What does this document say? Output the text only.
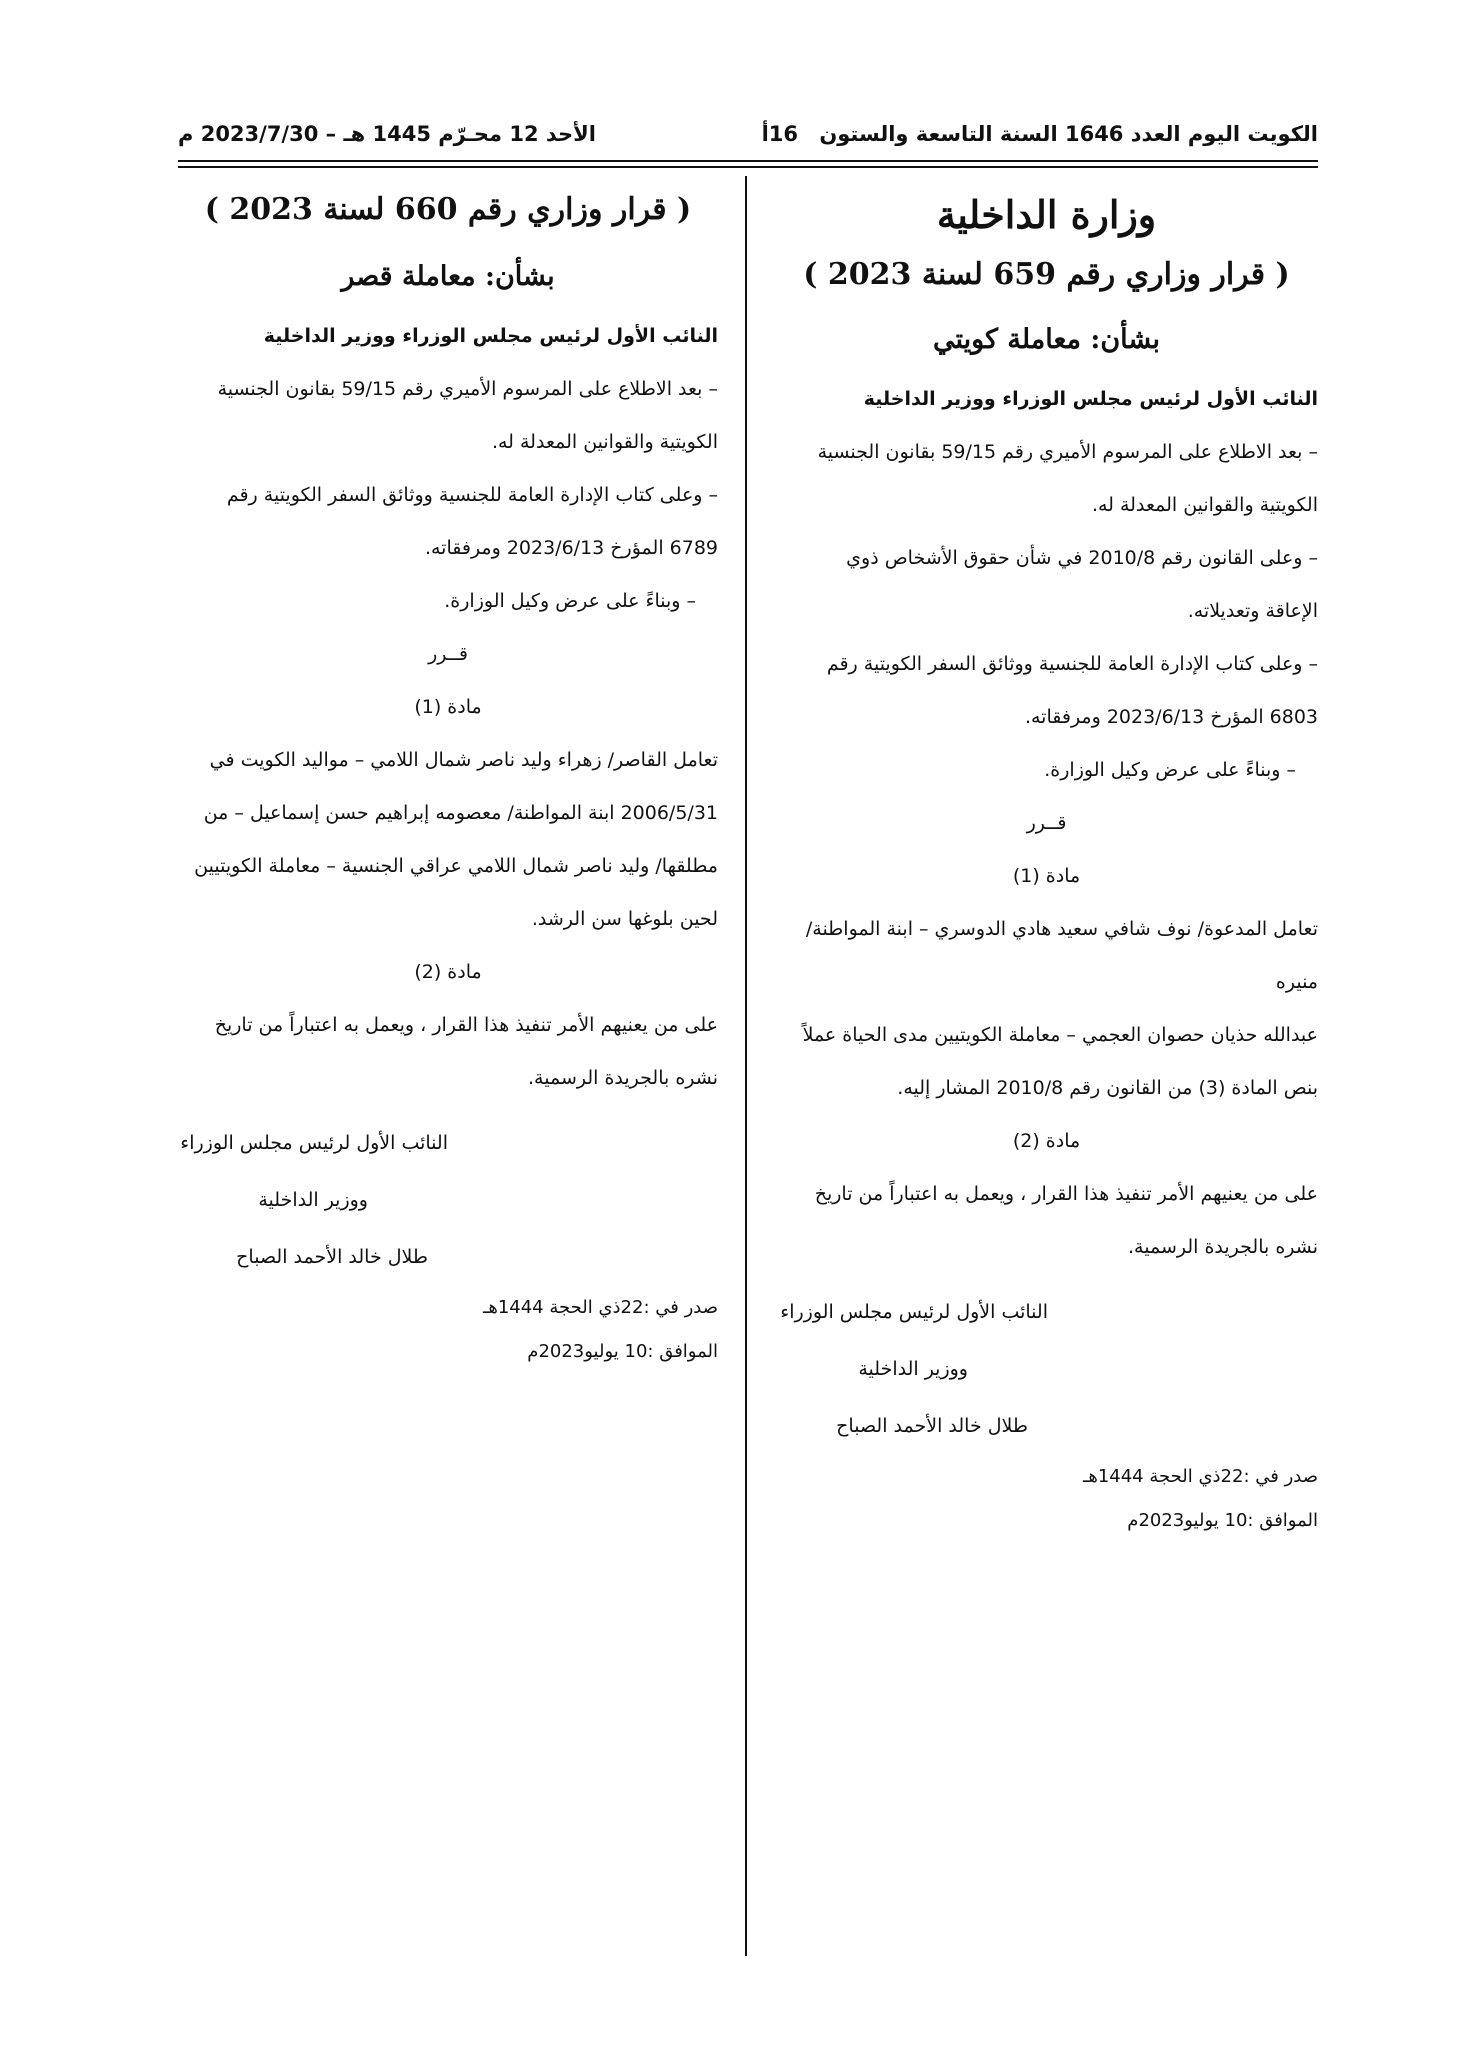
الكويت اليوم العدد 1646 السنة التاسعة والستون
16أ
الأحد 12 محـرّم 1445 هـ – 2023/7/30 م
وزارة الداخلية
( قرار وزاري رقم 659 لسنة 2023 )
بشأن: معاملة كويتي

النائب الأول لرئيس مجلس الوزراء ووزير الداخلية

– بعد الاطلاع على المرسوم الأميري رقم 59/15 بقانون الجنسية

الكويتية والقوانين المعدلة له.

– وعلى القانون رقم 2010/8 في شأن حقوق الأشخاص ذوي

الإعاقة وتعديلاته.

– وعلى كتاب الإدارة العامة للجنسية ووثائق السفر الكويتية رقم

6803 المؤرخ 2023/6/13 ومرفقاته.

– وبناءً على عرض وكيل الوزارة.

قــرر

مادة (1)

تعامل المدعوة/ نوف شافي سعيد هادي الدوسري – ابنة المواطنة/ منيره

عبدالله حذيان حصوان العجمي – معاملة الكويتيين مدى الحياة عملاً

بنص المادة (3) من القانون رقم 2010/8 المشار إليه.

مادة (2)

على من يعنيهم الأمر تنفيذ هذا القرار ، ويعمل به اعتباراً من تاريخ

نشره بالجريدة الرسمية.

النائب الأول لرئيس مجلس الوزراء

ووزير الداخلية

طلال خالد الأحمد الصباح

صدر في :22ذي الحجة 1444هـ

الموافق :10 يوليو2023م

( قرار وزاري رقم 660 لسنة 2023 )
بشأن: معاملة قصر

النائب الأول لرئيس مجلس الوزراء ووزير الداخلية

– بعد الاطلاع على المرسوم الأميري رقم 59/15 بقانون الجنسية

الكويتية والقوانين المعدلة له.

– وعلى كتاب الإدارة العامة للجنسية ووثائق السفر الكويتية رقم

6789 المؤرخ 2023/6/13 ومرفقاته.

– وبناءً على عرض وكيل الوزارة.

قــرر

مادة (1)

تعامل القاصر/ زهراء وليد ناصر شمال اللامي – مواليد الكويت في

2006/5/31 ابنة المواطنة/ معصومه إبراهيم حسن إسماعيل – من

مطلقها/ وليد ناصر شمال اللامي عراقي الجنسية – معاملة الكويتيين

لحين بلوغها سن الرشد.

مادة (2)

على من يعنيهم الأمر تنفيذ هذا القرار ، ويعمل به اعتباراً من تاريخ

نشره بالجريدة الرسمية.

النائب الأول لرئيس مجلس الوزراء

ووزير الداخلية

طلال خالد الأحمد الصباح

صدر في :22ذي الحجة 1444هـ

الموافق :10 يوليو2023م
